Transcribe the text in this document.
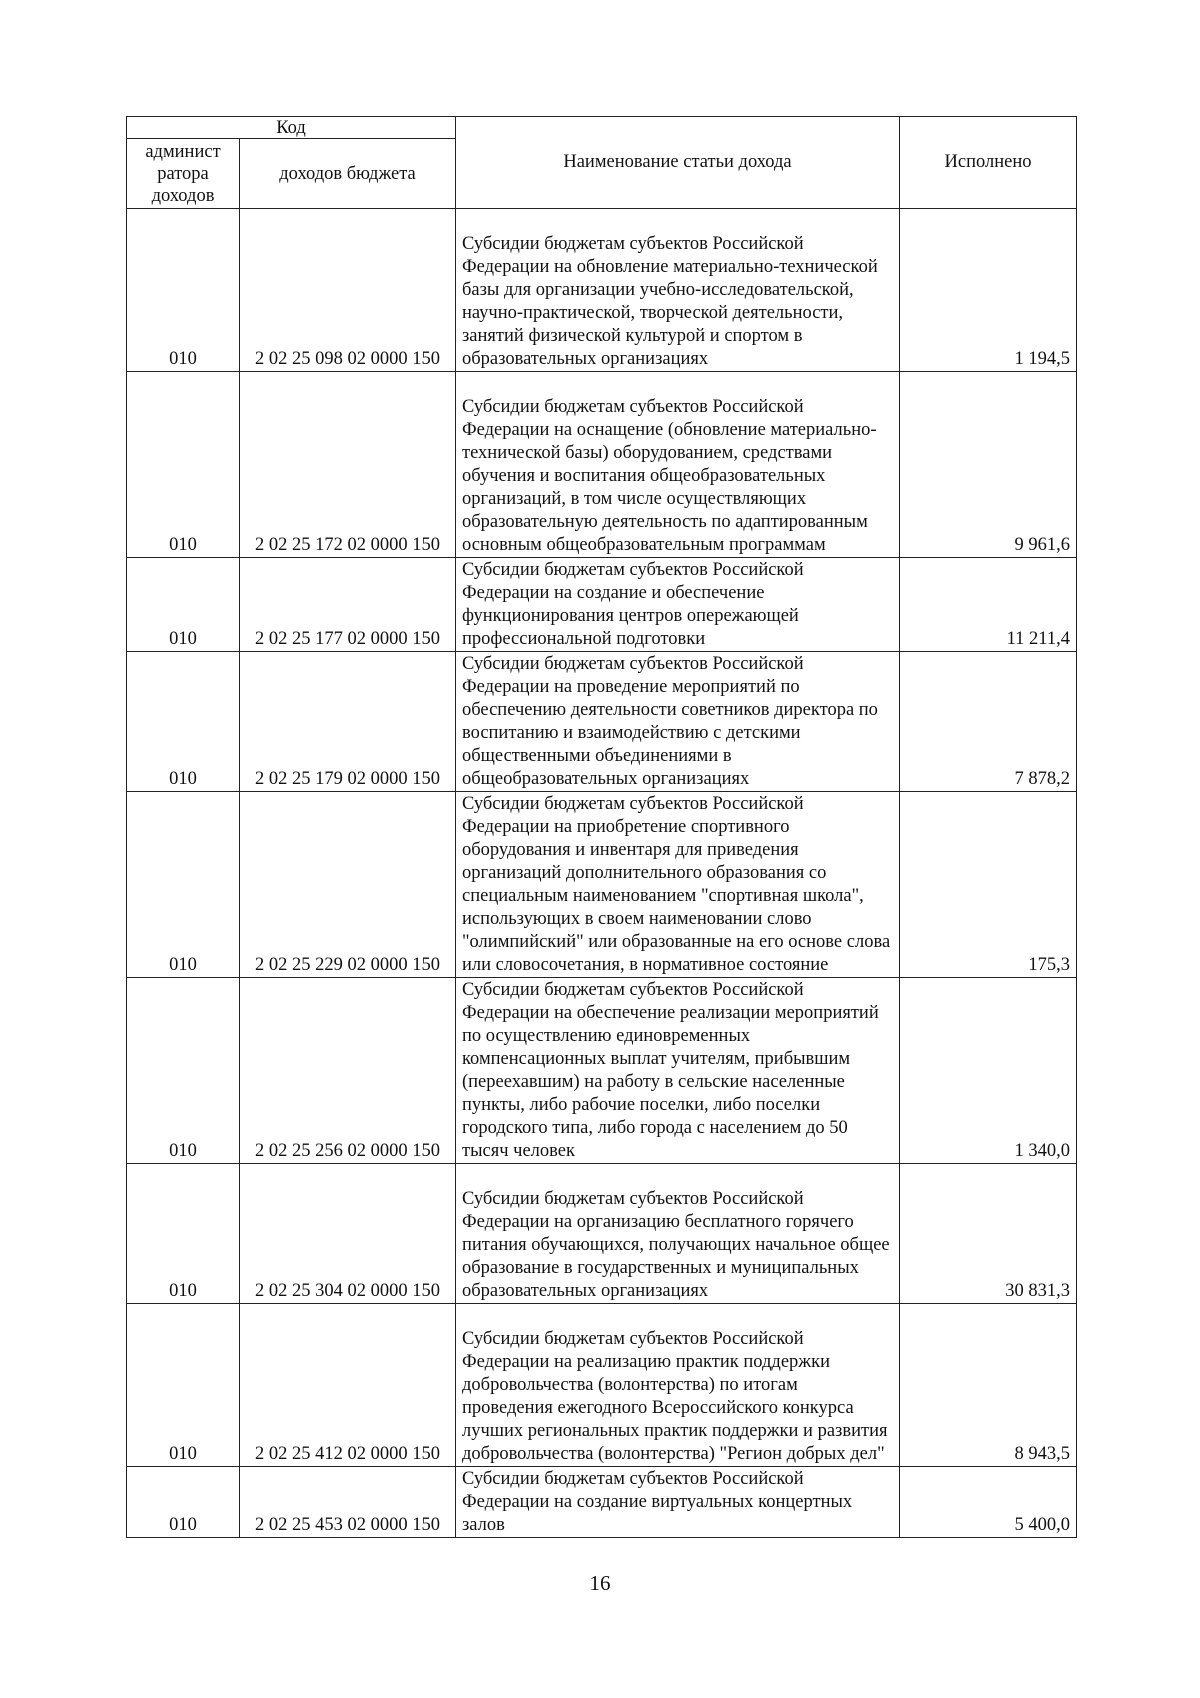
Код		Наименование статьи дохода	Исполнено
админист ратора доходов	доходов бюджета		
010	2 02 25 098 02 0000 150	Субсидии бюджетам субъектов Российской Федерации на обновление материально-технической базы для организации учебно-исследовательской, научно-практической, творческой деятельности, занятий физической культурой и спортом в образовательных организациях	1 194,5
010	2 02 25 172 02 0000 150	Субсидии бюджетам субъектов Российской Федерации на оснащение (обновление материально-технической базы) оборудованием, средствами обучения и воспитания общеобразовательных организаций, в том числе осуществляющих образовательную деятельность по адаптированным основным общеобразовательным программам	9 961,6
010	2 02 25 177 02 0000 150	Субсидии бюджетам субъектов Российской Федерации на создание и обеспечение функционирования центров опережающей профессиональной подготовки	11 211,4
010	2 02 25 179 02 0000 150	Субсидии бюджетам субъектов Российской Федерации на проведение мероприятий по обеспечению деятельности советников директора по воспитанию и взаимодействию с детскими общественными объединениями в общеобразовательных организациях	7 878,2
010	2 02 25 229 02 0000 150	Субсидии бюджетам субъектов Российской Федерации на приобретение спортивного оборудования и инвентаря для приведения организаций дополнительного образования со специальным наименованием "спортивная школа", использующих в своем наименовании слово "олимпийский" или образованные на его основе слова или словосочетания, в нормативное состояние	175,3
010	2 02 25 256 02 0000 150	Субсидии бюджетам субъектов Российской Федерации на обеспечение реализации мероприятий по осуществлению единовременных компенсационных выплат учителям, прибывшим (переехавшим) на работу в сельские населенные пункты, либо рабочие поселки, либо поселки городского типа, либо города с населением до 50 тысяч человек	1 340,0
010	2 02 25 304 02 0000 150	Субсидии бюджетам субъектов Российской Федерации на организацию бесплатного горячего питания обучающихся, получающих начальное общее образование в государственных и муниципальных образовательных организациях	30 831,3
010	2 02 25 412 02 0000 150	Субсидии бюджетам субъектов Российской Федерации на реализацию практик поддержки добровольчества (волонтерства) по итогам проведения ежегодного Всероссийского конкурса лучших региональных практик поддержки и развития добровольчества (волонтерства) "Регион добрых дел"	8 943,5
010	2 02 25 453 02 0000 150	Субсидии бюджетам субъектов Российской Федерации на создание виртуальных концертных залов	5 400,0
16
